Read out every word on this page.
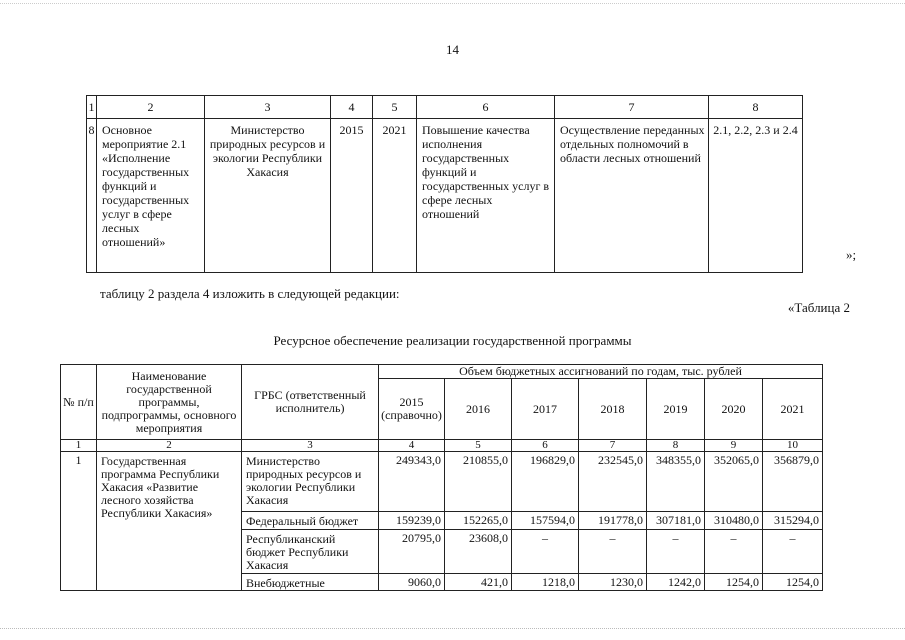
14
1	2	3	4	5	6	7	8
8	Основное мероприятие 2.1 «Исполнение государственных функций и государственных услуг в сфере лесных отношений»	Министерство природных ресурсов и экологии Республики Хакасия	2015	2021	Повышение качества исполнения государственных функций и государственных услуг в сфере лесных отношений	Осуществление переданных отдельных полномочий в области лесных отношений	2.1, 2.2, 2.3 и 2.4
»;
таблицу 2 раздела 4 изложить в следующей редакции:
«Таблица 2
Ресурсное обеспечение реализации государственной программы
№ п/п	Наименование государственной программы, подпрограммы, основного мероприятия	ГРБС (ответственный исполнитель)	Объем бюджетных ассигнований по годам, тыс. рублей						
			2015 (справочно)	2016	2017	2018	2019	2020	2021
1	2	3	4	5	6	7	8	9	10
1	Государственная программа Республики Хакасия «Развитие лесного хозяйства Республики Хакасия»	Министерство природных ресурсов и экологии Республики Хакасия	249343,0	210855,0	196829,0	232545,0	348355,0	352065,0	356879,0
		Федеральный бюджет	159239,0	152265,0	157594,0	191778,0	307181,0	310480,0	315294,0
		Республиканский бюджет Республики Хакасия	20795,0	23608,0	–	–	–	–	–
		Внебюджетные	9060,0	421,0	1218,0	1230,0	1242,0	1254,0	1254,0
